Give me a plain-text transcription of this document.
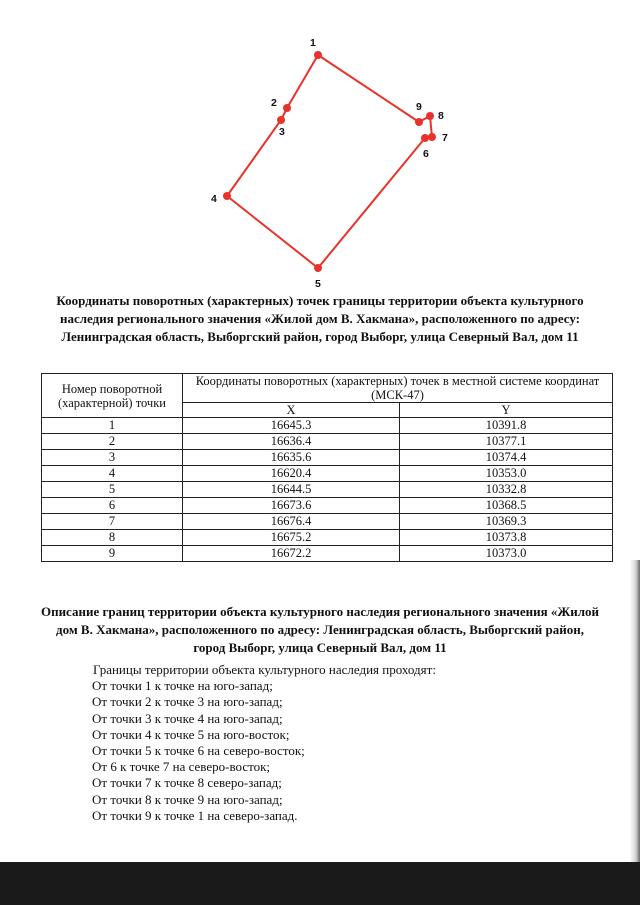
1
2
3
4
5
6
7
8
9

Координаты поворотных (характерных) точек границы территории объекта культурного наследия регионального значения «Жилой дом В. Хакмана», расположенного по адресу: Ленинградская область, Выборгский район, город Выборг, улица Северный Вал, дом 11

Номер поворотной (характерной) точки	Координаты поворотных (характерных) точек в местной системе координат (МСК-47)	
	X	Y
1	16645.3	10391.8
2	16636.4	10377.1
3	16635.6	10374.4
4	16620.4	10353.0
5	16644.5	10332.8
6	16673.6	10368.5
7	16676.4	10369.3
8	16675.2	10373.8
9	16672.2	10373.0

Описание границ территории объекта культурного наследия регионального значения «Жилой дом В. Хакмана», расположенного по адресу: Ленинградская область, Выборгский район, город Выборг, улица Северный Вал, дом 11

Границы территории объекта культурного наследия проходят:
От точки 1 к точке на юго-запад;
От точки 2 к точке 3 на юго-запад;
От точки 3 к точке 4 на юго-запад;
От точки 4 к точке 5 на юго-восток;
От точки 5 к точке 6 на северо-восток;
От 6 к точке 7 на северо-восток;
От точки 7 к точке 8 северо-запад;
От точки 8 к точке 9 на юго-запад;
От точки 9 к точке 1 на северо-запад.
